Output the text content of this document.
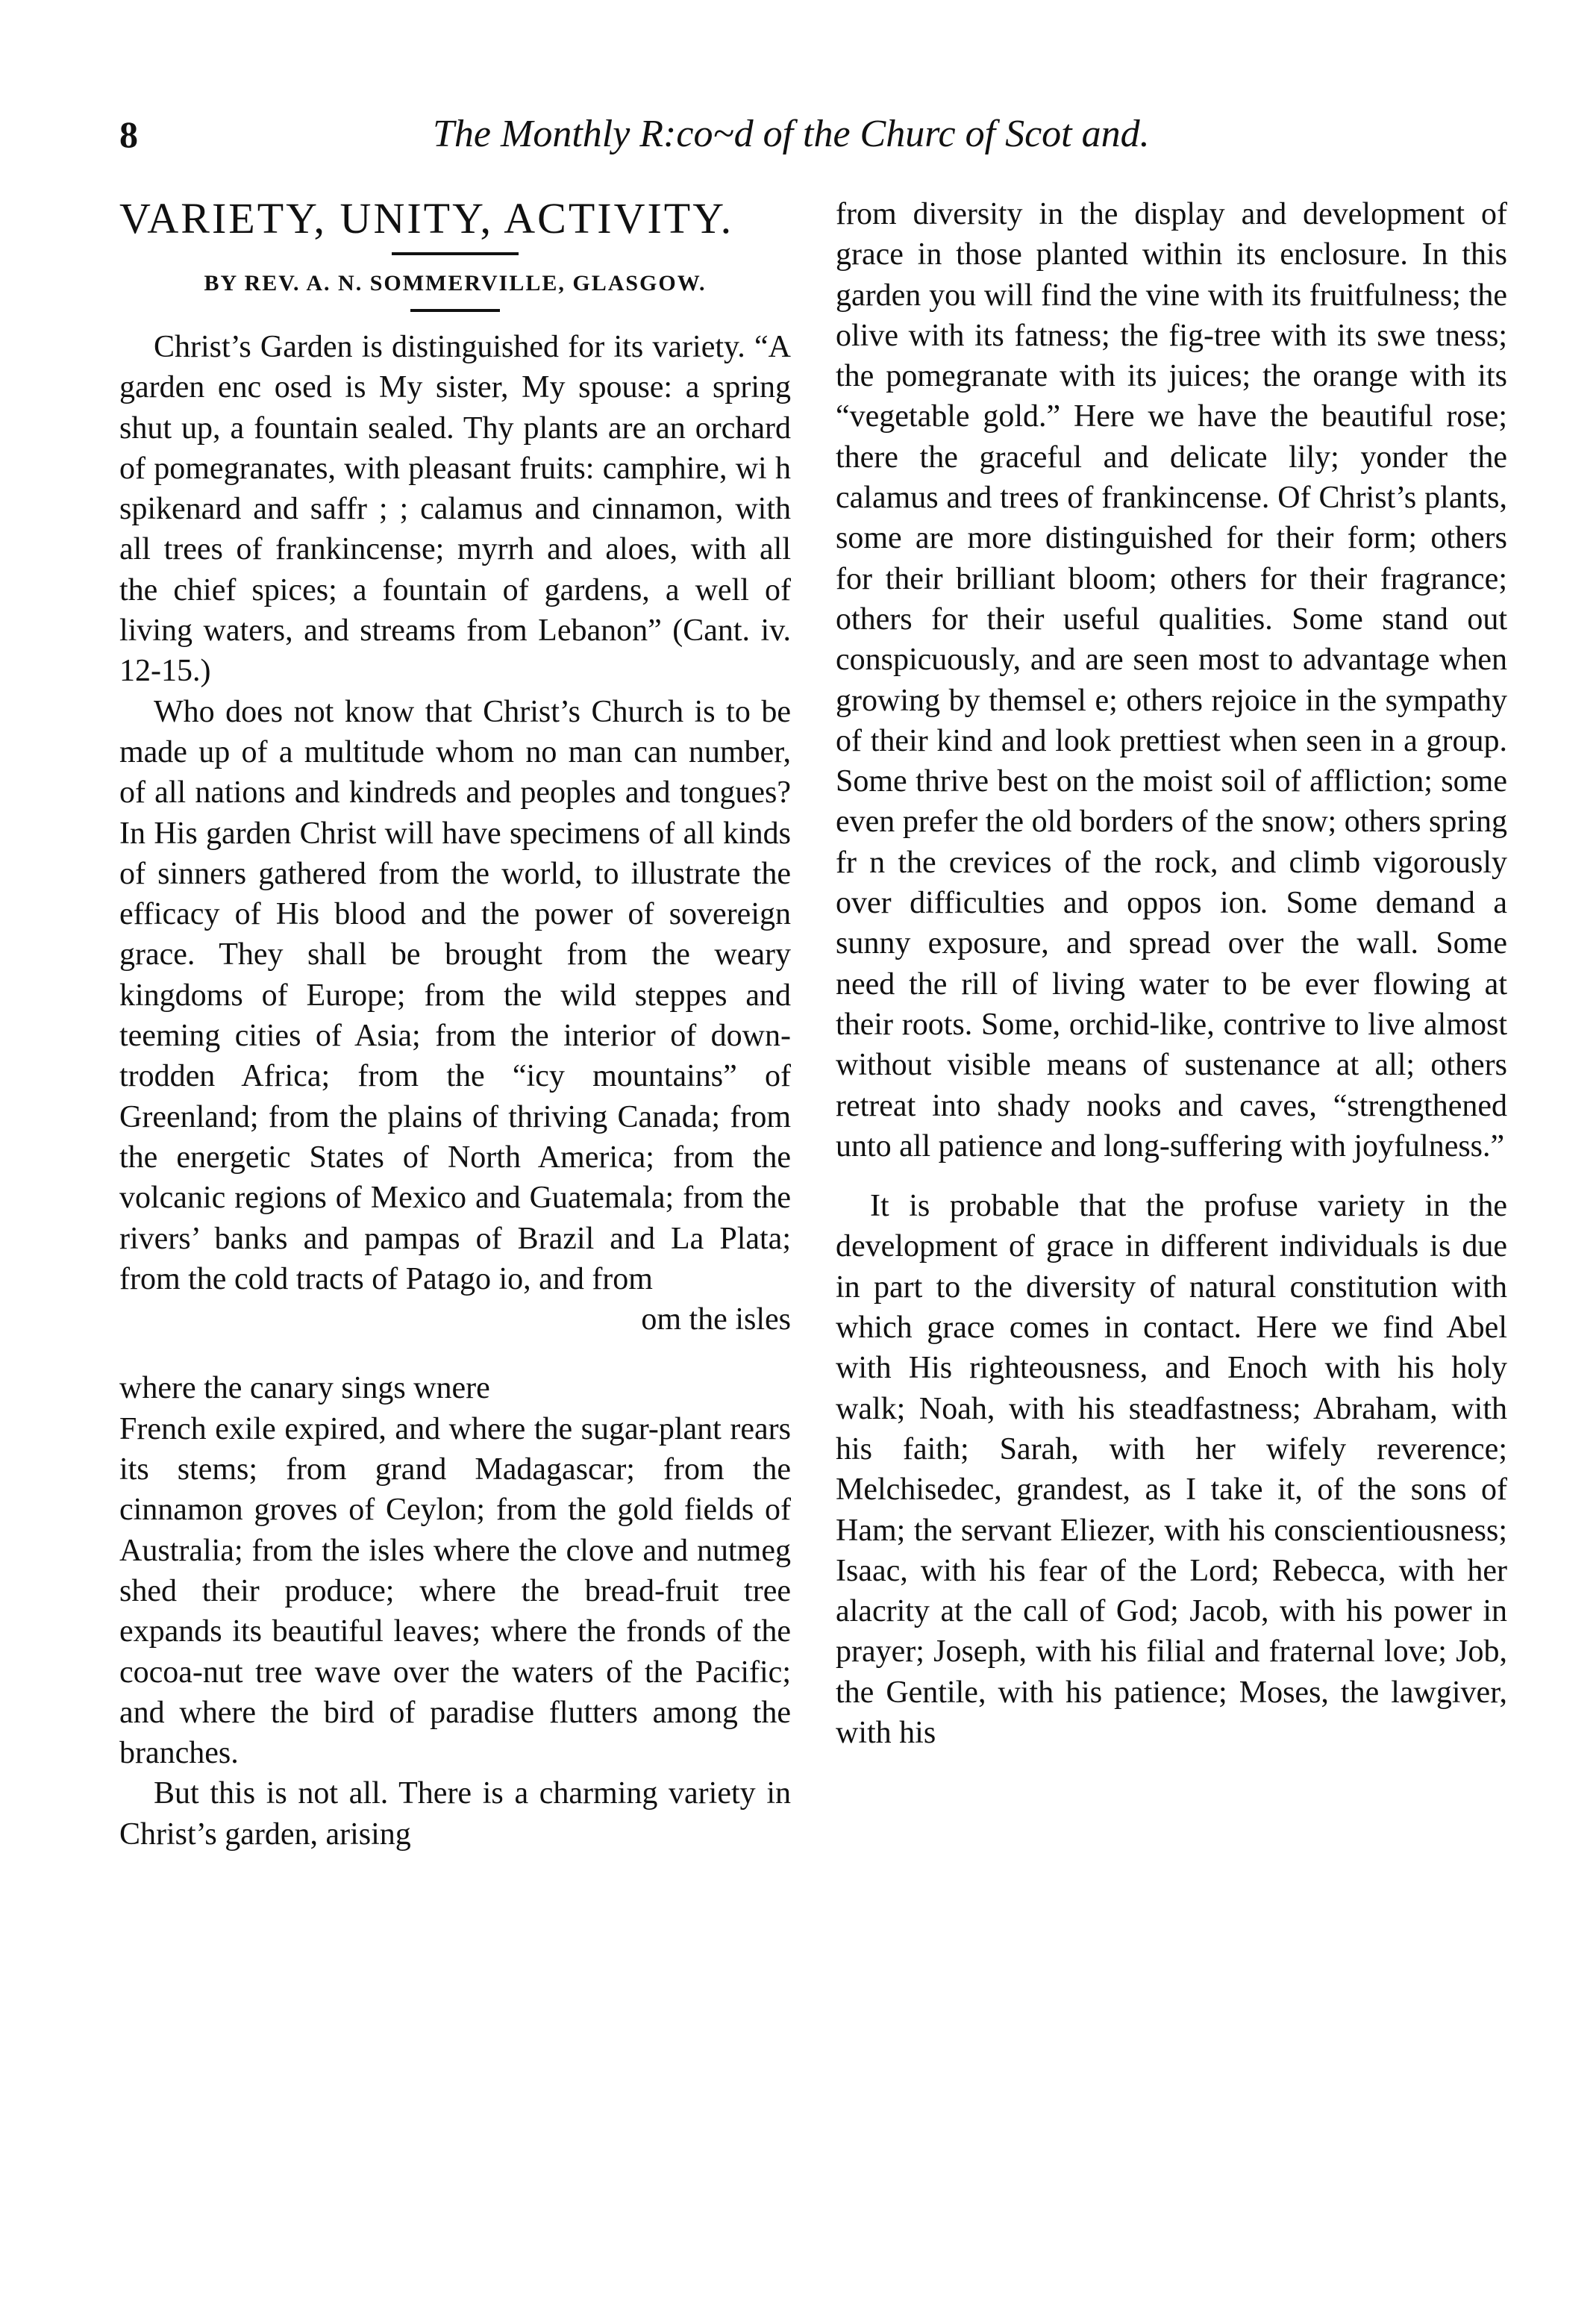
8	The Monthly R:co~d of the Churc of Scot and.
VARIETY, UNITY, ACTIVITY.
BY REV. A. N. SOMMERVILLE, GLASGOW.

Christ’s Garden is distinguished for its variety. “A garden enc osed is My sister, My spouse: a spring shut up, a fountain sealed. Thy plants are an orchard of pomegranates, with pleasant fruits: camphire, wi h spikenard and saffr ; ; calamus and cinnamon, with all trees of frankincense; myrrh and aloes, with all the chief spices; a fountain of gardens, a well of living waters, and streams from Lebanon” (Cant. iv. 12-15.)

Who does not know that Christ’s Church is to be made up of a multitude whom no man can number, of all nations and kindreds and peoples and tongues? In His garden Christ will have specimens of all kinds of sinners gathered from the world, to illustrate the efficacy of His blood and the power of sovereign grace. They shall be brought from the weary kingdoms of Europe; from the wild steppes and teeming cities of Asia; from the interior of down-trodden Africa; from the “icy mountains” of Greenland; from the plains of thriving Canada; from the energetic States of North America; from the volcanic regions of Mexico and Guatemala; from the rivers’ banks and pampas of Brazil and La Plata; from the cold tracts of Patago io, and from

om the isles

where the canary sings wnere

French exile expired, and where the sugar-plant rears its stems; from grand Madagascar; from the cinnamon groves of Ceylon; from the gold fields of Australia; from the isles where the clove and nutmeg shed their produce; where the bread-fruit tree expands its beautiful leaves; where the fronds of the cocoa-nut tree wave over the waters of the Pacific; and where the bird of paradise flutters among the branches.

But this is not all. There is a charming variety in Christ’s garden, arising

from diversity in the display and development of grace in those planted within its enclosure. In this garden you will find the vine with its fruitfulness; the olive with its fatness; the fig-tree with its swe tness; the pomegranate with its juices; the orange with its “vegetable gold.” Here we have the beautiful rose; there the graceful and delicate lily; yonder the calamus and trees of frankincense. Of Christ’s plants, some are more distinguished for their form; others for their brilliant bloom; others for their fragrance; others for their useful qualities. Some stand out conspicuously, and are seen most to advantage when growing by themsel e; others rejoice in the sympathy of their kind and look prettiest when seen in a group. Some thrive best on the moist soil of affliction; some even prefer the old borders of the snow; others spring fr n the crevices of the rock, and climb vigorously over difficulties and oppos ion. Some demand a sunny exposure, and spread over the wall. Some need the rill of living water to be ever flowing at their roots. Some, orchid-like, contrive to live almost without visible means of sustenance at all; others retreat into shady nooks and caves, “strengthened unto all patience and long-suffering with joyfulness.”

It is probable that the profuse variety in the development of grace in different individuals is due in part to the diversity of natural constitution with which grace comes in contact. Here we find Abel with His righteousness, and Enoch with his holy walk; Noah, with his steadfastness; Abraham, with his faith; Sarah, with her wifely reverence; Melchisedec, grandest, as I take it, of the sons of Ham; the servant Eliezer, with his conscientiousness; Isaac, with his fear of the Lord; Rebecca, with her alacrity at the call of God; Jacob, with his power in prayer; Joseph, with his filial and fraternal love; Job, the Gentile, with his patience; Moses, the lawgiver, with his
